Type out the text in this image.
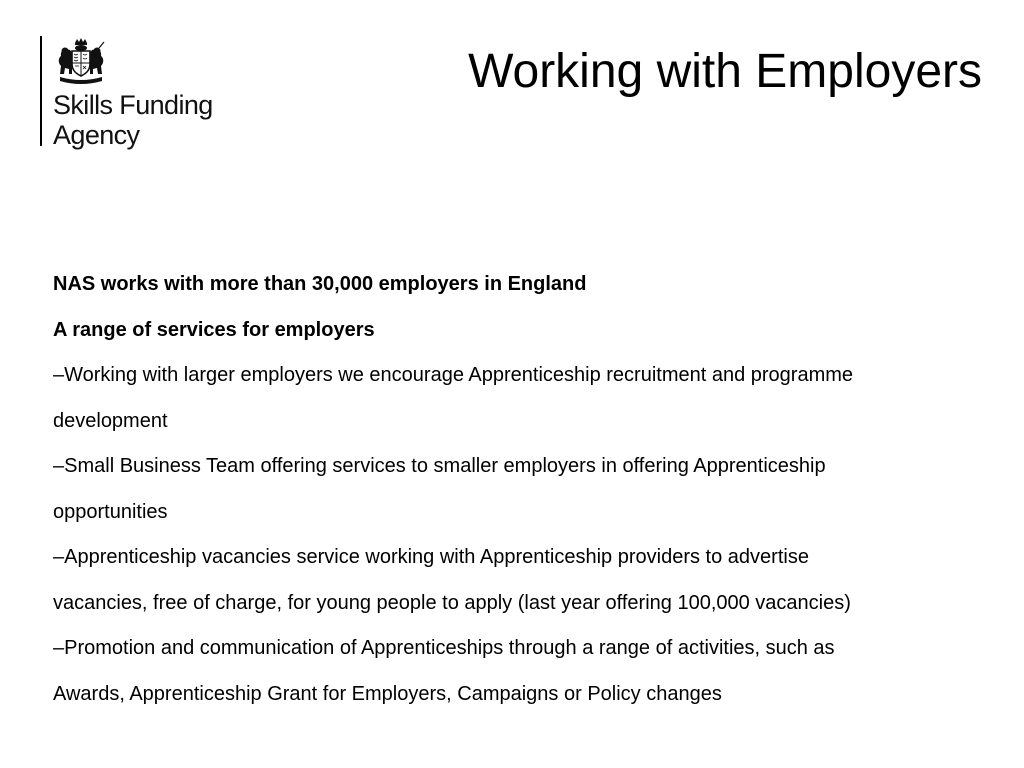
Skills Funding
Agency
Working with Employers
NAS works with more than 30,000 employers in England
A range of services for employers
–Working with larger employers we encourage Apprenticeship recruitment and programme
development
–Small Business Team offering services to smaller employers in offering Apprenticeship
opportunities
–Apprenticeship vacancies service working with Apprenticeship providers to advertise
vacancies, free of charge, for young people to apply (last year offering 100,000 vacancies)
–Promotion and communication of Apprenticeships through a range of activities, such as
Awards, Apprenticeship Grant for Employers, Campaigns or Policy changes
